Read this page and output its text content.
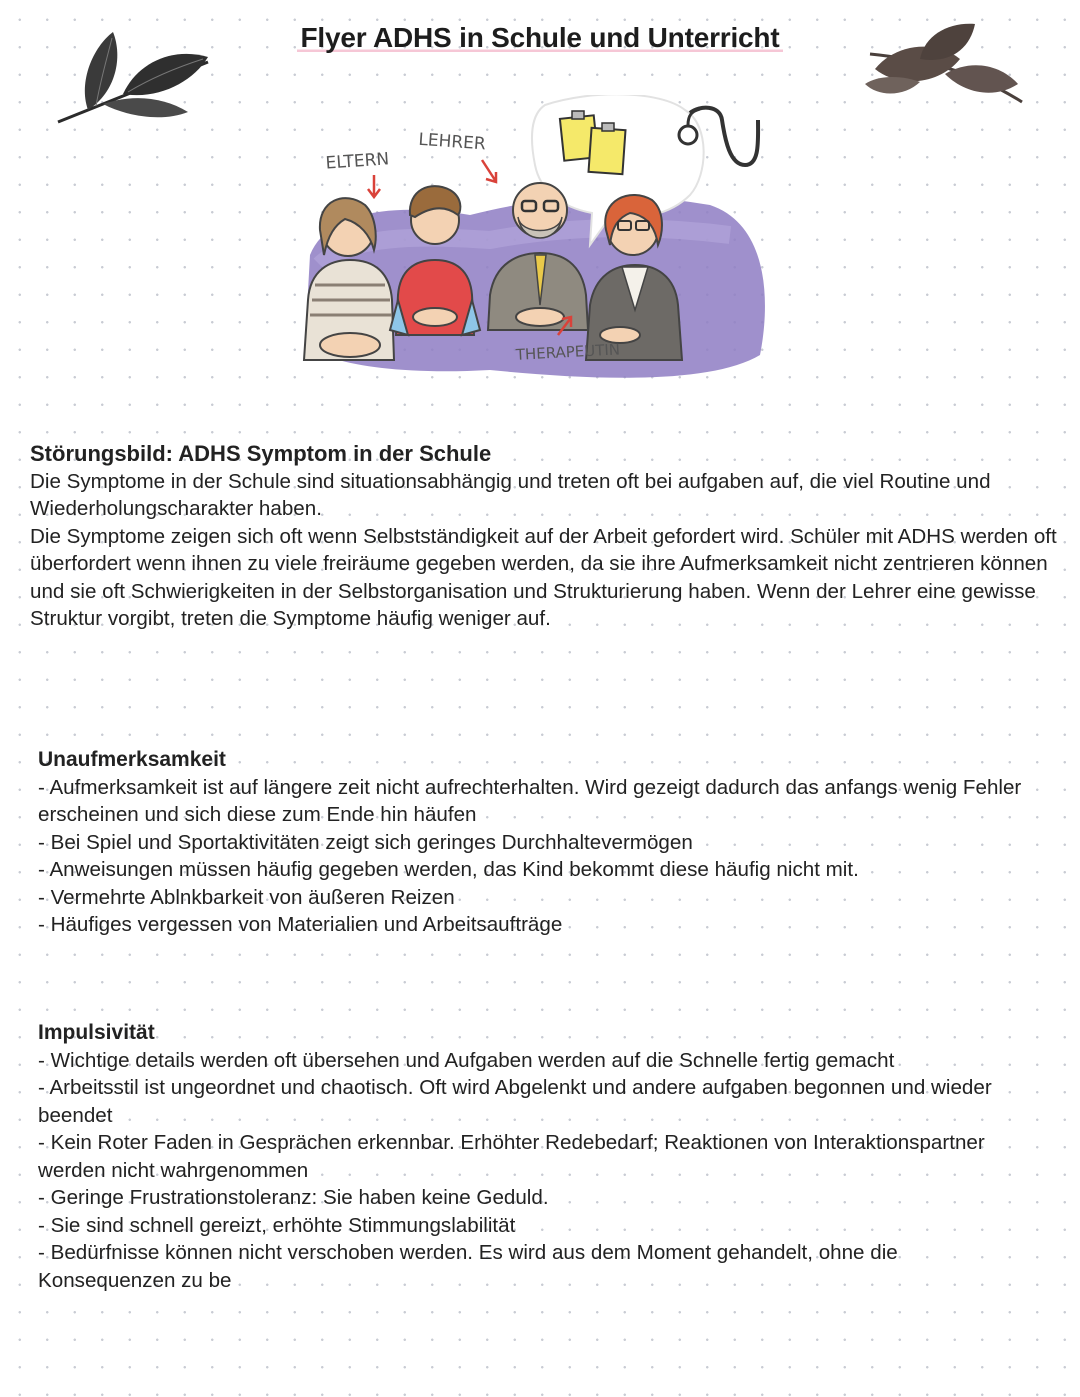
Flyer ADHS in Schule und Unterricht
ELTERN
LEHRER
THERAPEUTIN

Störungsbild: ADHS Symptom in der Schule

Die Symptome in der Schule sind situationsabhängig und treten oft bei aufgaben auf, die viel Routine und Wiederholungscharakter haben.

Die Symptome zeigen sich oft wenn Selbstständigkeit auf der Arbeit gefordert wird. Schüler mit ADHS werden oft überfordert wenn ihnen zu viele freiräume gegeben werden, da sie ihre Aufmerksamkeit nicht zentrieren können und sie oft Schwierigkeiten in der Selbstorganisation und Strukturierung haben. Wenn der Lehrer eine gewisse Struktur vorgibt, treten die Symptome häufig weniger auf.

Unaufmerksamkeit

- Aufmerksamkeit ist auf längere zeit nicht aufrechterhalten. Wird gezeigt dadurch das anfangs wenig Fehler erscheinen und sich diese zum Ende hin häufen

- Bei Spiel und Sportaktivitäten zeigt sich geringes Durchhaltevermögen

- Anweisungen müssen häufig gegeben werden, das Kind bekommt diese häufig nicht mit.

- Vermehrte Ablnkbarkeit von äußeren Reizen

- Häufiges vergessen von Materialien und Arbeitsaufträge

Impulsivität

- Wichtige details werden oft übersehen und Aufgaben werden auf die Schnelle fertig gemacht

- Arbeitsstil ist ungeordnet und chaotisch. Oft wird Abgelenkt und andere aufgaben begonnen und wieder beendet

- Kein Roter Faden in Gesprächen erkennbar. Erhöhter Redebedarf; Reaktionen von Interaktionspartner werden nicht wahrgenommen

- Geringe Frustrationstoleranz: Sie haben keine Geduld.

- Sie sind schnell gereizt, erhöhte Stimmungslabilität

- Bedürfnisse können nicht verschoben werden. Es wird aus dem Moment gehandelt, ohne die Konsequenzen zu be
